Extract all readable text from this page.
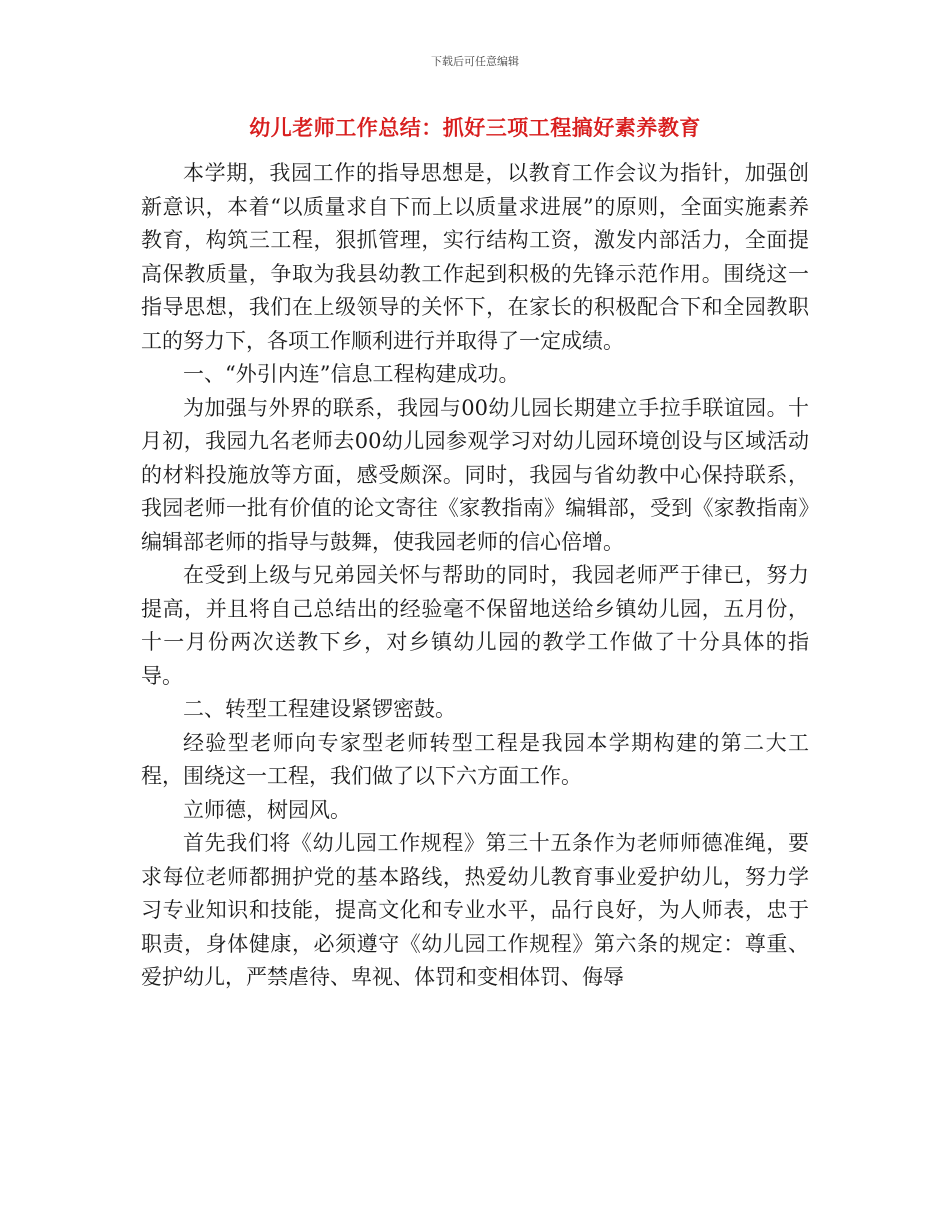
下载后可任意编辑
幼儿老师工作总结：抓好三项工程搞好素养教育

本学期，我园工作的指导思想是，以教育工作会议为指针，加强创新意识，本着“以质量求自下而上以质量求进展”的原则，全面实施素养教育，构筑三工程，狠抓管理，实行结构工资，激发内部活力，全面提高保教质量，争取为我县幼教工作起到积极的先锋示范作用。围绕这一指导思想，我们在上级领导的关怀下，在家长的积极配合下和全园教职工的努力下，各项工作顺利进行并取得了一定成绩。

一、“外引内连”信息工程构建成功。

为加强与外界的联系，我园与00幼儿园长期建立手拉手联谊园。十月初，我园九名老师去00幼儿园参观学习对幼儿园环境创设与区域活动的材料投施放等方面，感受颇深。同时，我园与省幼教中心保持联系，我园老师一批有价值的论文寄往《家教指南》编辑部，受到《家教指南》编辑部老师的指导与鼓舞，使我园老师的信心倍增。

在受到上级与兄弟园关怀与帮助的同时，我园老师严于律已，努力提高，并且将自己总结出的经验毫不保留地送给乡镇幼儿园，五月份，十一月份两次送教下乡，对乡镇幼儿园的教学工作做了十分具体的指导。

二、转型工程建设紧锣密鼓。

经验型老师向专家型老师转型工程是我园本学期构建的第二大工程，围绕这一工程，我们做了以下六方面工作。

立师德，树园风。

首先我们将《幼儿园工作规程》第三十五条作为老师师德准绳，要求每位老师都拥护党的基本路线，热爱幼儿教育事业爱护幼儿，努力学习专业知识和技能，提高文化和专业水平，品行良好，为人师表，忠于职责，身体健康，必须遵守《幼儿园工作规程》第六条的规定：尊重、爱护幼儿，严禁虐待、卑视、体罚和变相体罚、侮辱
